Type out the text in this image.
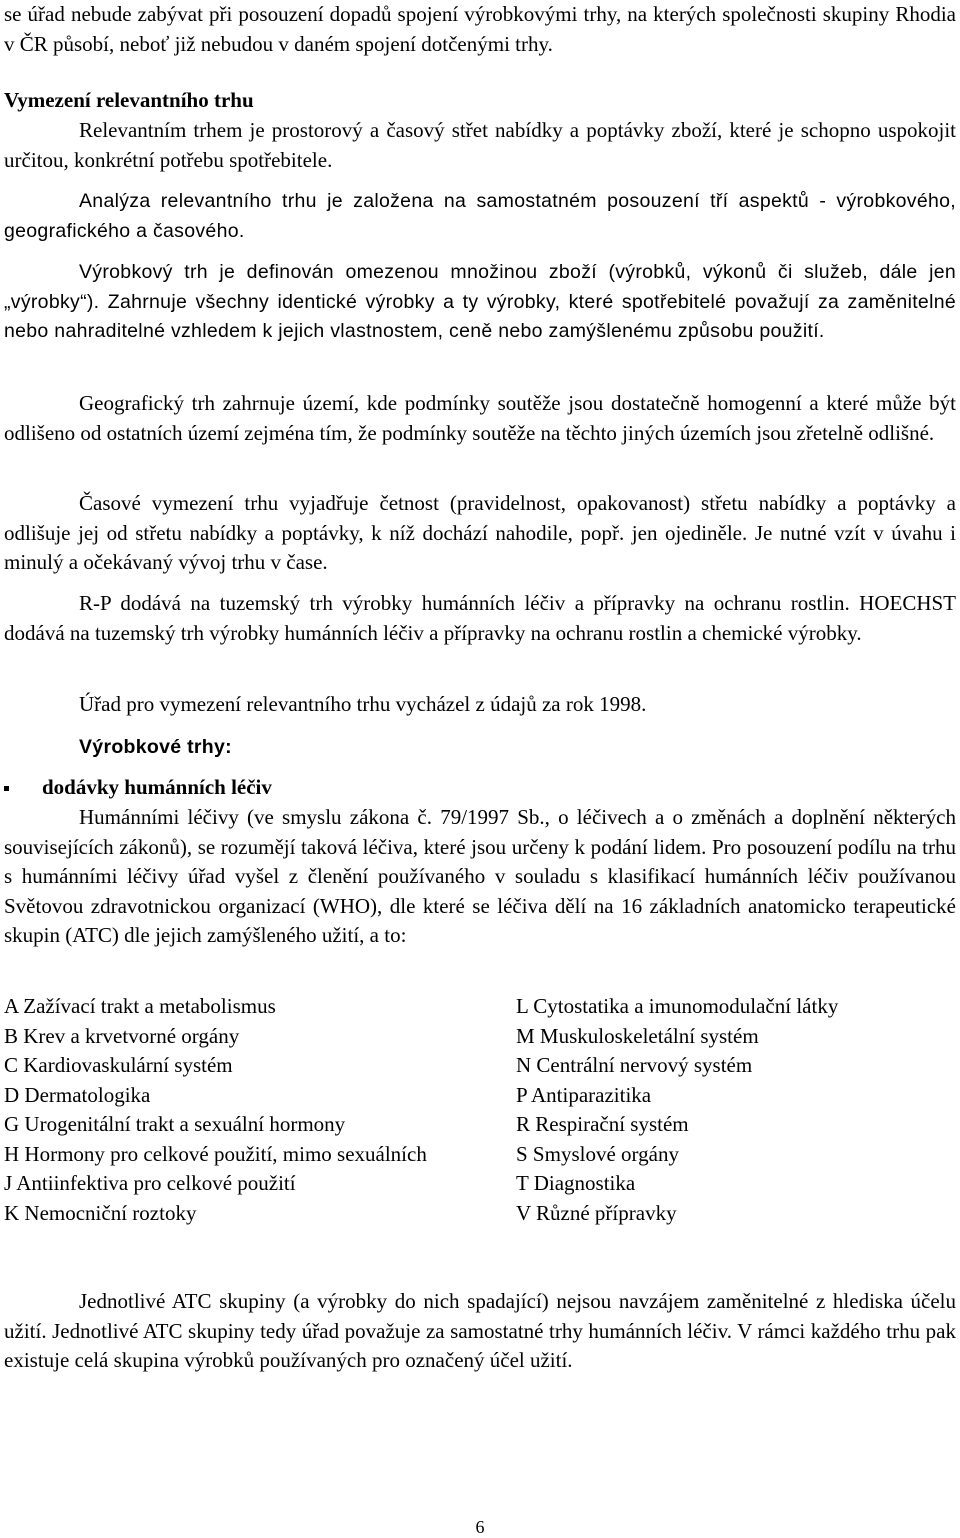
se úřad nebude zabývat při posouzení dopadů spojení výrobkovými trhy, na kterých společnosti skupiny Rhodia v ČR působí, neboť již nebudou v daném spojení dotčenými trhy.

Vymezení relevantního trhu

Relevantním trhem je prostorový a časový střet nabídky a poptávky zboží, které je schopno uspokojit určitou, konkrétní potřebu spotřebitele.

Analýza relevantního trhu je založena na samostatném posouzení tří aspektů - výrobkového, geografického a časového.

Výrobkový trh je definován omezenou množinou zboží (výrobků, výkonů či služeb, dále jen „výrobky“). Zahrnuje všechny identické výrobky a ty výrobky, které spotřebitelé považují za zaměnitelné nebo nahraditelné vzhledem k jejich vlastnostem, ceně nebo zamýšlenému způsobu použití.

Geografický trh zahrnuje území, kde podmínky soutěže jsou dostatečně homogenní a které může být odlišeno od ostatních území zejména tím, že podmínky soutěže na těchto jiných územích jsou zřetelně odlišné.

Časové vymezení trhu vyjadřuje četnost (pravidelnost, opakovanost) střetu nabídky a poptávky a odlišuje jej od střetu nabídky a poptávky, k níž dochází nahodile, popř. jen ojediněle. Je nutné vzít v úvahu i minulý a očekávaný vývoj trhu v čase.

R-P dodává na tuzemský trh výrobky humánních léčiv a přípravky na ochranu rostlin. HOECHST dodává na tuzemský trh výrobky humánních léčiv a přípravky na ochranu rostlin a chemické výrobky.

Úřad pro vymezení relevantního trhu vycházel z údajů za rok 1998.

Výrobkové trhy:

dodávky humánních léčiv

Humánními léčivy (ve smyslu zákona č. 79/1997 Sb., o léčivech a o změnách a doplnění některých souvisejících zákonů), se rozumějí taková léčiva, které jsou určeny k podání lidem. Pro posouzení podílu na trhu s humánními léčivy úřad vyšel z členění používaného v souladu s klasifikací humánních léčiv používanou Světovou zdravotnickou organizací (WHO), dle které se léčiva dělí na 16 základních anatomicko terapeutické skupin (ATC) dle jejich zamýšleného užití, a to:

A Zažívací trakt a metabolismus
B Krev a krvetvorné orgány
C Kardiovaskulární systém
D Dermatologika
G Urogenitální trakt a sexuální hormony
H Hormony pro celkové použití, mimo sexuálních
J Antiinfektiva pro celkové použití
K Nemocniční roztoky
L Cytostatika a imunomodulační látky
M Muskuloskeletální systém
N Centrální nervový systém
P Antiparazitika
R Respirační systém
S Smyslové orgány
T Diagnostika
V Různé přípravky

Jednotlivé ATC skupiny (a výrobky do nich spadající) nejsou navzájem zaměnitelné z hlediska účelu užití. Jednotlivé ATC skupiny tedy úřad považuje za samostatné trhy humánních léčiv. V rámci každého trhu pak existuje celá skupina výrobků používaných pro označený účel užití.

6
